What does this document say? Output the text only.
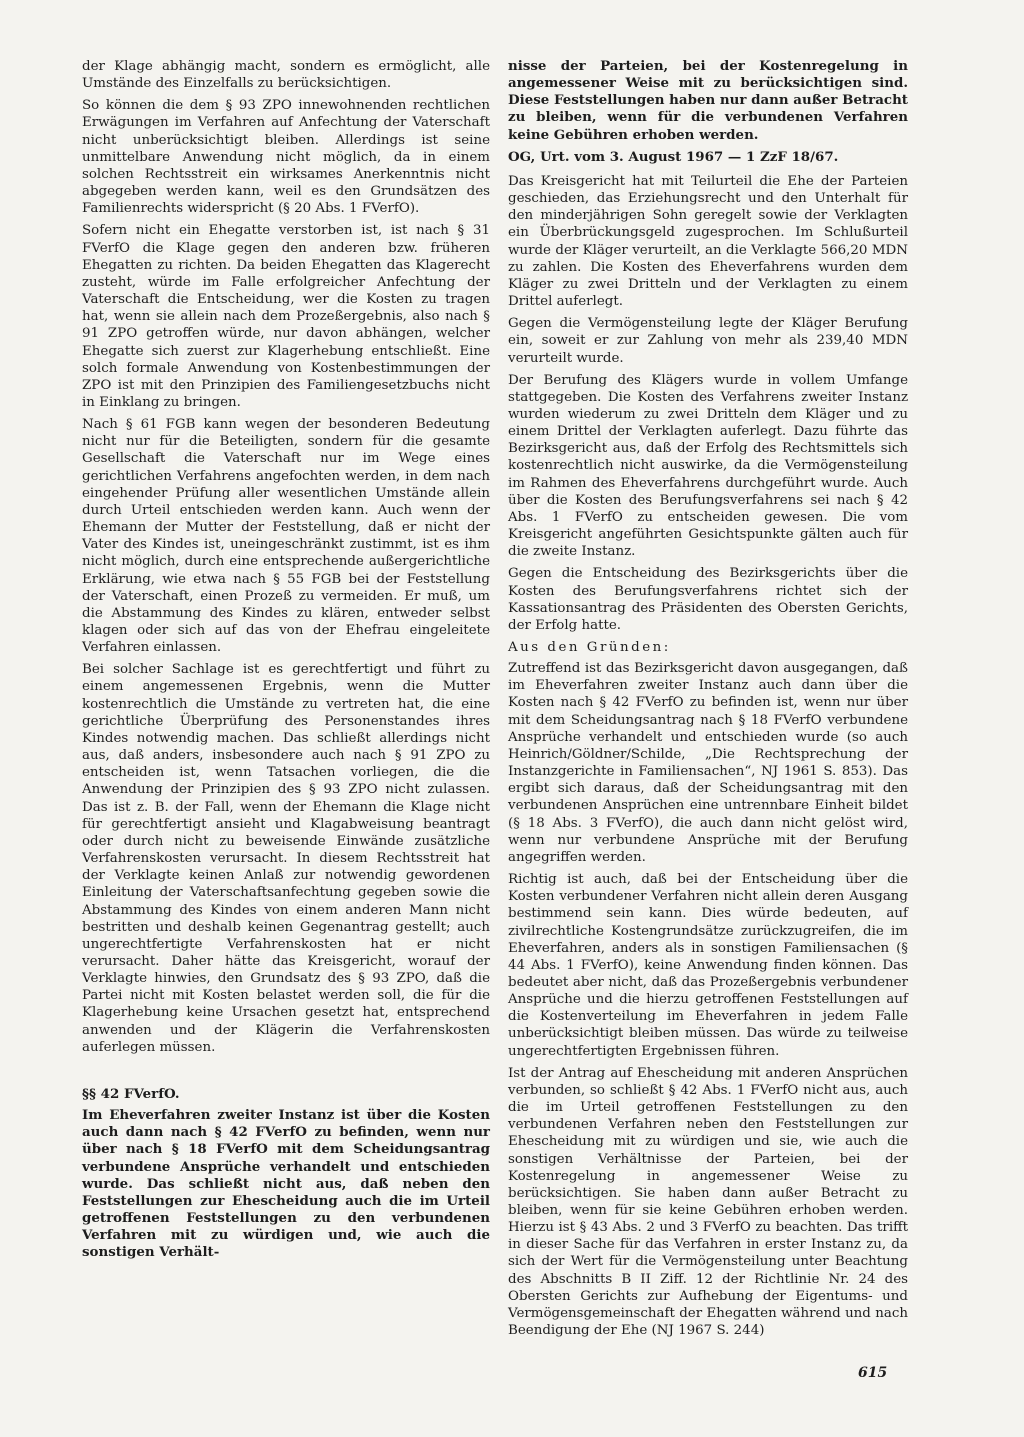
der Klage abhängig macht, sondern es ermöglicht, alle Umstände des Einzelfalls zu berücksichtigen.

So können die dem § 93 ZPO innewohnenden rechtlichen Erwägungen im Verfahren auf Anfechtung der Vaterschaft nicht unberücksichtigt bleiben. Allerdings ist seine unmittelbare Anwendung nicht möglich, da in einem solchen Rechtsstreit ein wirksames Anerkenntnis nicht abgegeben werden kann, weil es den Grundsätzen des Familienrechts widerspricht (§ 20 Abs. 1 FVerfO).

Sofern nicht ein Ehegatte verstorben ist, ist nach § 31 FVerfO die Klage gegen den anderen bzw. früheren Ehegatten zu richten. Da beiden Ehegatten das Klagerecht zusteht, würde im Falle erfolgreicher Anfechtung der Vaterschaft die Entscheidung, wer die Kosten zu tragen hat, wenn sie allein nach dem Prozeßergebnis, also nach § 91 ZPO getroffen würde, nur davon abhängen, welcher Ehegatte sich zuerst zur Klagerhebung entschließt. Eine solch formale Anwendung von Kostenbestimmungen der ZPO ist mit den Prinzipien des Familiengesetzbuchs nicht in Einklang zu bringen.

Nach § 61 FGB kann wegen der besonderen Bedeutung nicht nur für die Beteiligten, sondern für die gesamte Gesellschaft die Vaterschaft nur im Wege eines gerichtlichen Verfahrens angefochten werden, in dem nach eingehender Prüfung aller wesentlichen Umstände allein durch Urteil entschieden werden kann. Auch wenn der Ehemann der Mutter der Feststellung, daß er nicht der Vater des Kindes ist, uneingeschränkt zustimmt, ist es ihm nicht möglich, durch eine entsprechende außergerichtliche Erklärung, wie etwa nach § 55 FGB bei der Feststellung der Vaterschaft, einen Prozeß zu vermeiden. Er muß, um die Abstammung des Kindes zu klären, entweder selbst klagen oder sich auf das von der Ehefrau eingeleitete Verfahren einlassen.

Bei solcher Sachlage ist es gerechtfertigt und führt zu einem angemessenen Ergebnis, wenn die Mutter kostenrechtlich die Umstände zu vertreten hat, die eine gerichtliche Überprüfung des Personenstandes ihres Kindes notwendig machen. Das schließt allerdings nicht aus, daß anders, insbesondere auch nach § 91 ZPO zu entscheiden ist, wenn Tatsachen vorliegen, die die Anwendung der Prinzipien des § 93 ZPO nicht zulassen. Das ist z. B. der Fall, wenn der Ehemann die Klage nicht für gerechtfertigt ansieht und Klagabweisung beantragt oder durch nicht zu beweisende Einwände zusätzliche Verfahrenskosten verursacht. In diesem Rechtsstreit hat der Verklagte keinen Anlaß zur notwendig gewordenen Einleitung der Vaterschaftsanfechtung gegeben sowie die Abstammung des Kindes von einem anderen Mann nicht bestritten und deshalb keinen Gegenantrag gestellt; auch ungerechtfertigte Verfahrenskosten hat er nicht verursacht. Daher hätte das Kreisgericht, worauf der Verklagte hinwies, den Grundsatz des § 93 ZPO, daß die Partei nicht mit Kosten belastet werden soll, die für die Klagerhebung keine Ursachen gesetzt hat, entsprechend anwenden und der Klägerin die Verfahrenskosten auferlegen müssen.

§§ 42 FVerfO.

Im Eheverfahren zweiter Instanz ist über die Kosten auch dann nach § 42 FVerfO zu befinden, wenn nur über nach § 18 FVerfO mit dem Scheidungsantrag verbundene Ansprüche verhandelt und entschieden wurde. Das schließt nicht aus, daß neben den Feststellungen zur Ehescheidung auch die im Urteil getroffenen Feststellungen zu den verbundenen Verfahren mit zu würdigen und, wie auch die sonstigen Verhält-

nisse der Parteien, bei der Kostenregelung in angemessener Weise mit zu berücksichtigen sind. Diese Feststellungen haben nur dann außer Betracht zu bleiben, wenn für die verbundenen Verfahren keine Gebühren erhoben werden.

OG, Urt. vom 3. August 1967 — 1 ZzF 18/67.

Das Kreisgericht hat mit Teilurteil die Ehe der Parteien geschieden, das Erziehungsrecht und den Unterhalt für den minderjährigen Sohn geregelt sowie der Verklagten ein Überbrückungsgeld zugesprochen. Im Schlußurteil wurde der Kläger verurteilt, an die Verklagte 566,20 MDN zu zahlen. Die Kosten des Eheverfahrens wurden dem Kläger zu zwei Dritteln und der Verklagten zu einem Drittel auferlegt.

Gegen die Vermögensteilung legte der Kläger Berufung ein, soweit er zur Zahlung von mehr als 239,40 MDN verurteilt wurde.

Der Berufung des Klägers wurde in vollem Umfange stattgegeben. Die Kosten des Verfahrens zweiter Instanz wurden wiederum zu zwei Dritteln dem Kläger und zu einem Drittel der Verklagten auferlegt. Dazu führte das Bezirksgericht aus, daß der Erfolg des Rechtsmittels sich kostenrechtlich nicht auswirke, da die Vermögensteilung im Rahmen des Eheverfahrens durchgeführt wurde. Auch über die Kosten des Berufungsverfahrens sei nach § 42 Abs. 1 FVerfO zu entscheiden gewesen. Die vom Kreisgericht angeführten Gesichtspunkte gälten auch für die zweite Instanz.

Gegen die Entscheidung des Bezirksgerichts über die Kosten des Berufungsverfahrens richtet sich der Kassationsantrag des Präsidenten des Obersten Gerichts, der Erfolg hatte.

Aus den Gründen:

Zutreffend ist das Bezirksgericht davon ausgegangen, daß im Eheverfahren zweiter Instanz auch dann über die Kosten nach § 42 FVerfO zu befinden ist, wenn nur über mit dem Scheidungsantrag nach § 18 FVerfO verbundene Ansprüche verhandelt und entschieden wurde (so auch Heinrich/Göldner/Schilde, „Die Rechtsprechung der Instanzgerichte in Familiensachen“, NJ 1961 S. 853). Das ergibt sich daraus, daß der Scheidungsantrag mit den verbundenen Ansprüchen eine untrennbare Einheit bildet (§ 18 Abs. 3 FVerfO), die auch dann nicht gelöst wird, wenn nur verbundene Ansprüche mit der Berufung angegriffen werden.

Richtig ist auch, daß bei der Entscheidung über die Kosten verbundener Verfahren nicht allein deren Ausgang bestimmend sein kann. Dies würde bedeuten, auf zivilrechtliche Kostengrundsätze zurückzugreifen, die im Eheverfahren, anders als in sonstigen Familiensachen (§ 44 Abs. 1 FVerfO), keine Anwendung finden können. Das bedeutet aber nicht, daß das Prozeßergebnis verbundener Ansprüche und die hierzu getroffenen Feststellungen auf die Kostenverteilung im Eheverfahren in jedem Falle unberücksichtigt bleiben müssen. Das würde zu teilweise ungerechtfertigten Ergebnissen führen.

Ist der Antrag auf Ehescheidung mit anderen Ansprüchen verbunden, so schließt § 42 Abs. 1 FVerfO nicht aus, auch die im Urteil getroffenen Feststellungen zu den verbundenen Verfahren neben den Feststellungen zur Ehescheidung mit zu würdigen und sie, wie auch die sonstigen Verhältnisse der Parteien, bei der Kostenregelung in angemessener Weise zu berücksichtigen. Sie haben dann außer Betracht zu bleiben, wenn für sie keine Gebühren erhoben werden. Hierzu ist § 43 Abs. 2 und 3 FVerfO zu beachten. Das trifft in dieser Sache für das Verfahren in erster Instanz zu, da sich der Wert für die Vermögensteilung unter Beachtung des Abschnitts B II Ziff. 12 der Richtlinie Nr. 24 des Obersten Gerichts zur Aufhebung der Eigentums- und Vermögensgemeinschaft der Ehegatten während und nach Beendigung der Ehe (NJ 1967 S. 244)

615
